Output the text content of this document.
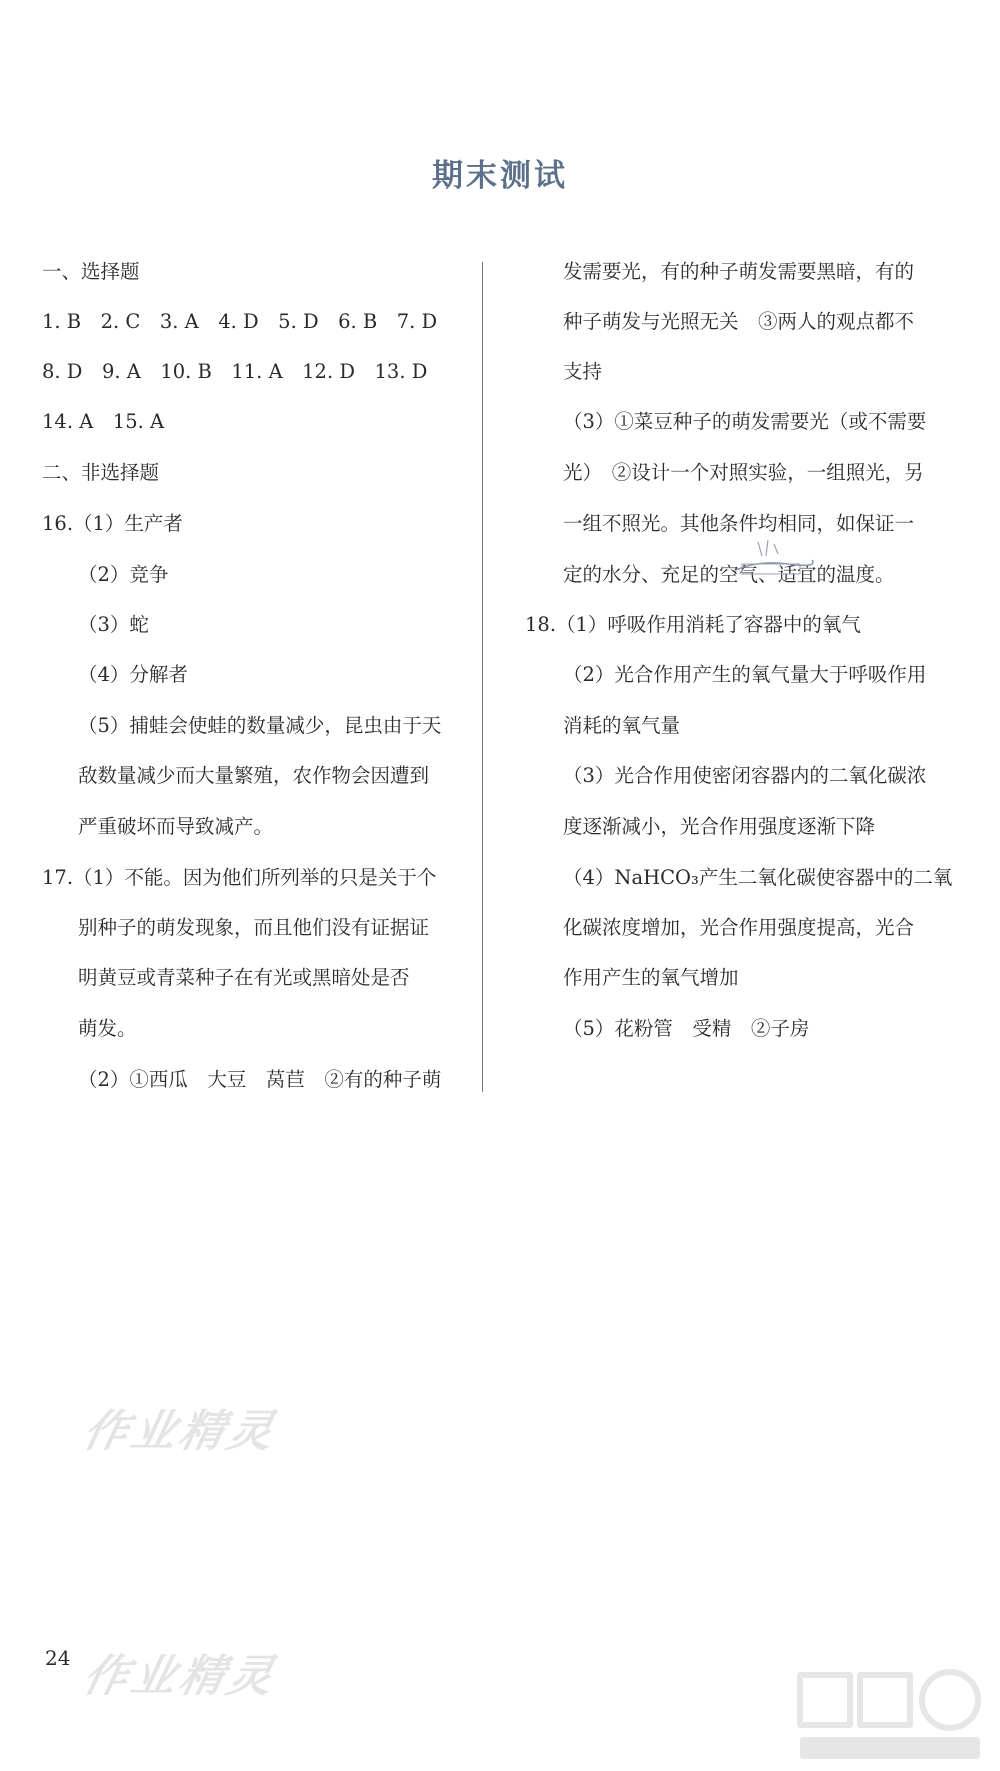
期末测试
一、选择题
1. B　2. C　3. A　4. D　5. D　6. B　7. D
8. D　9. A　10. B　11. A　12. D　13. D
14. A　15. A
二、非选择题
16.（1）生产者
（2）竞争
（3）蛇
（4）分解者
（5）捕蛙会使蛙的数量减少，昆虫由于天
敌数量减少而大量繁殖，农作物会因遭到
严重破坏而导致减产。
17.（1）不能。因为他们所列举的只是关于个
别种子的萌发现象，而且他们没有证据证
明黄豆或青菜种子在有光或黑暗处是否
萌发。
（2）①西瓜　大豆　莴苣　②有的种子萌
发需要光，有的种子萌发需要黑暗，有的
种子萌发与光照无关　③两人的观点都不
支持
（3）①菜豆种子的萌发需要光（或不需要
光）　②设计一个对照实验，一组照光，另
一组不照光。其他条件均相同，如保证一
定的水分、充足的空气、适宜的温度。
18.（1）呼吸作用消耗了容器中的氧气
（2）光合作用产生的氧气量大于呼吸作用
消耗的氧气量
（3）光合作用使密闭容器内的二氧化碳浓
度逐渐减小，光合作用强度逐渐下降
（4）NaHCO₃产生二氧化碳使容器中的二氧
化碳浓度增加，光合作用强度提高，光合
作用产生的氧气增加
（5）花粉管　受精　②子房
作业精灵
作业精灵
24
